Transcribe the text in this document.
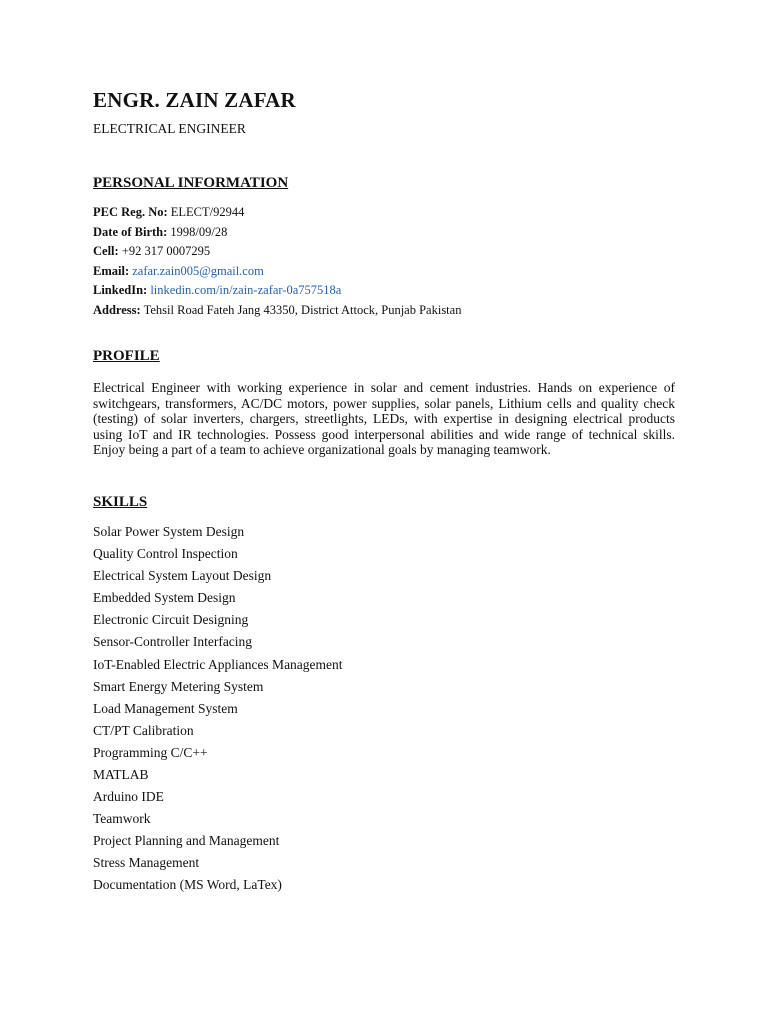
ENGR. ZAIN ZAFAR
ELECTRICAL ENGINEER
PERSONAL INFORMATION
PEC Reg. No: ELECT/92944
Date of Birth: 1998/09/28
Cell: +92 317 0007295
Email: zafar.zain005@gmail.com
LinkedIn: linkedin.com/in/zain-zafar-0a757518a
Address: Tehsil Road Fateh Jang 43350, District Attock, Punjab Pakistan
PROFILE

Electrical Engineer with working experience in solar and cement industries. Hands on experience of switchgears, transformers, AC/DC motors, power supplies, solar panels, Lithium cells and quality check (testing) of solar inverters, chargers, streetlights, LEDs, with expertise in designing electrical products using IoT and IR technologies. Possess good interpersonal abilities and wide range of technical skills. Enjoy being a part of a team to achieve organizational goals by managing teamwork.

SKILLS
Solar Power System Design
Quality Control Inspection
Electrical System Layout Design
Embedded System Design
Electronic Circuit Designing
Sensor-Controller Interfacing
IoT-Enabled Electric Appliances Management
Smart Energy Metering System
Load Management System
CT/PT Calibration
Programming C/C++
MATLAB
Arduino IDE
Teamwork
Project Planning and Management
Stress Management
Documentation (MS Word, LaTex)
